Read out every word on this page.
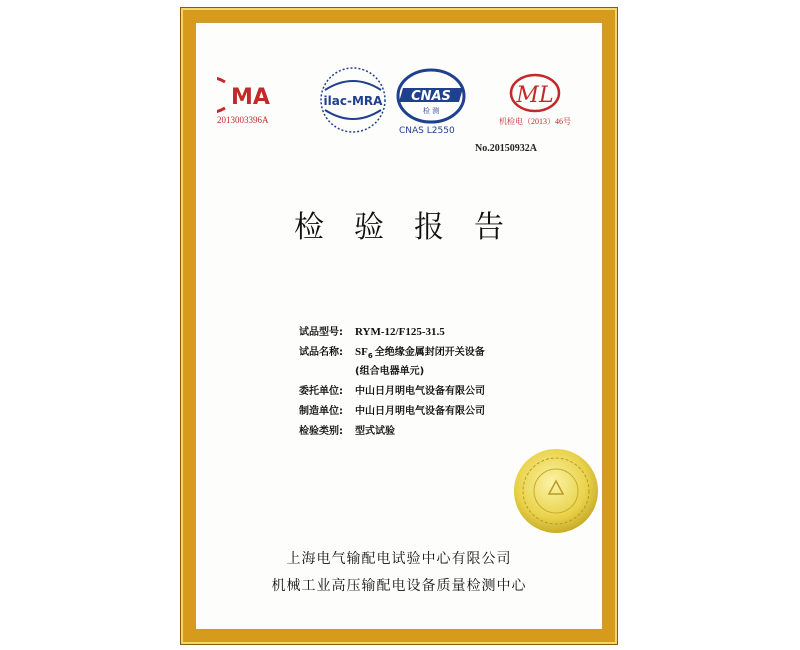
MA
2013003396A
ilac-MRA CNAS
检 测
CNAS L2550
ML
机检电（2013）46号
No.20150932A
检验报告
试品型号: RYM-12/F125-31.5
试品名称: $SF_6$ 全绝缘金属封闭开关设备
(组合电器单元)
委托单位: 中山日月明电气设备有限公司
制造单位: 中山日月明电气设备有限公司
检验类别: 型式试验
上海电气输配电试验中心有限公司
机械工业高压输配电设备质量检测中心
